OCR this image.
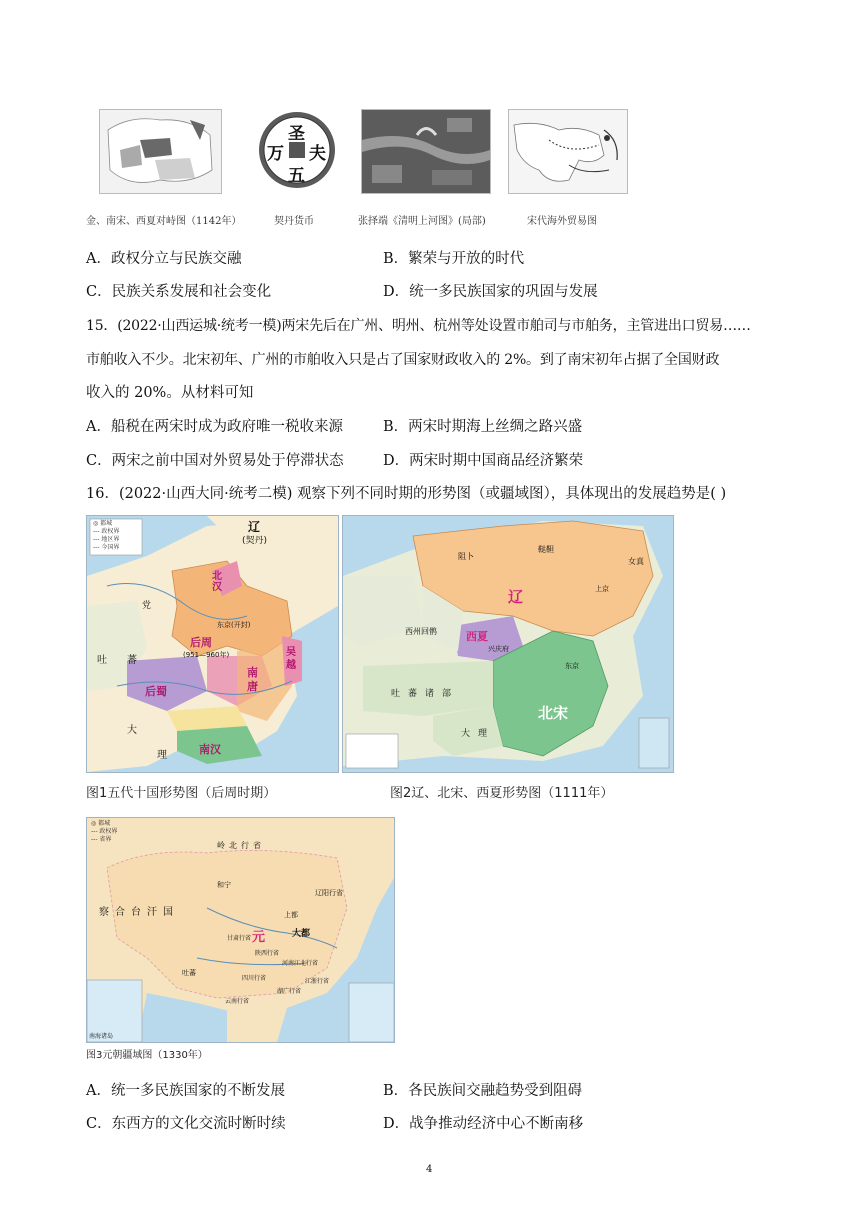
圣
夫
万
五
金、南宋、西夏对峙图（1142年）	契丹货币	张择端《清明上河图》(局部)	宋代海外贸易图
A．政权分立与民族交融	B．繁荣与开放的时代
C．民族关系发展和社会变化	D．统一多民族国家的巩固与发展
15．(2022·山西运城·统考一模)两宋先后在广州、明州、杭州等处设置市舶司与市舶务，主管进出口贸易……
市舶收入不少。北宋初年、广州的市舶收入只是占了国家财政收入的 2%。到了南宋初年占据了全国财政
收入的 20%。从材料可知
A．船税在两宋时成为政府唯一税收来源	B．两宋时期海上丝绸之路兴盛
C．两宋之前中国对外贸易处于停滞状态	D．两宋时期中国商品经济繁荣
16．(2022·山西大同·统考二模) 观察下列不同时期的形势图（或疆域图），具体现出的发展趋势是( )
◎ 都城
--- 政权界
--- 地区界
--- 今国界
辽
(契丹)
北汉
后周
(951—960年)
东京(开封)
后蜀
南唐
吴越
南汉
党
吐 蕃
大
理
辽
西夏
兴庆府
北宋
西州回鹘
吐蕃诸部
大理
东京
上京
阻卜
鞑靼
女真
图1五代十国形势图（后周时期）	图2辽、北宋、西夏形势图（1111年）
◎ 都城
--- 政权界
--- 省界
元
察合台汗国
岭北行省
和宁
上都
大都
辽阳行省
陕西行省
河南江北行省
江浙行省
湖广行省
云南行省
四川行省
甘肃行省
吐蕃
南海诸岛
图3元朝疆域图（1330年）
A．统一多民族国家的不断发展	B．各民族间交融趋势受到阻碍
C．东西方的文化交流时断时续	D．战争推动经济中心不断南移
4
